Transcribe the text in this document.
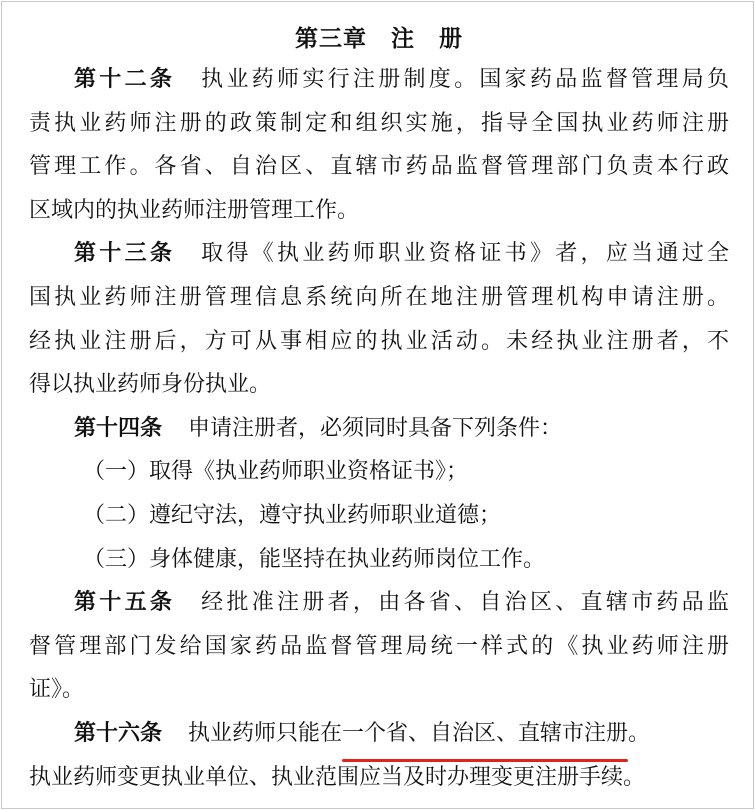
第三章　注　册
第十二条 执业药师实行注册制度。国家药品监督管理局负
责执业药师注册的政策制定和组织实施，指导全国执业药师注册
管理工作。各省、自治区、直辖市药品监督管理部门负责本行政
区域内的执业药师注册管理工作。
第十三条 取得《执业药师职业资格证书》者，应当通过全
国执业药师注册管理信息系统向所在地注册管理机构申请注册。
经执业注册后，方可从事相应的执业活动。未经执业注册者，不
得以执业药师身份执业。
第十四条 申请注册者，必须同时具备下列条件：
（一）取得《执业药师职业资格证书》；
（二）遵纪守法，遵守执业药师职业道德；
（三）身体健康，能坚持在执业药师岗位工作。
第十五条 经批准注册者，由各省、自治区、直辖市药品监
督管理部门发给国家药品监督管理局统一样式的《执业药师注册
证》。
第十六条 执业药师只能在一个省、自治区、直辖市注册。
执业药师变更执业单位、执业范围应当及时办理变更注册手续。
